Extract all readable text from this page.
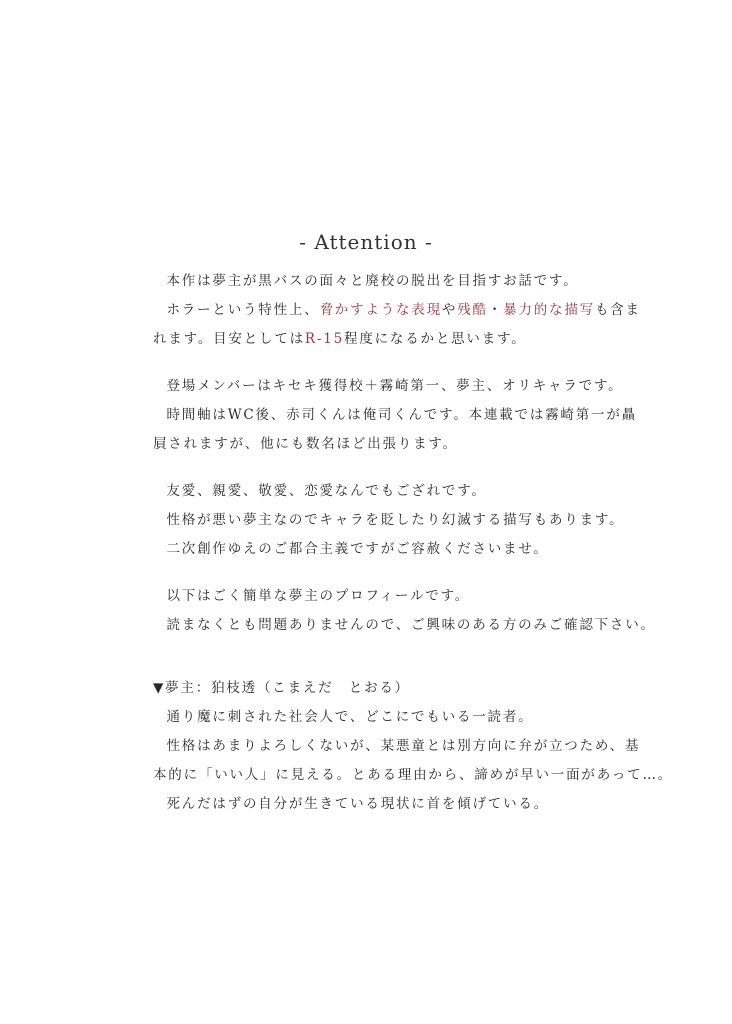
- Attention -
本作は夢主が黒バスの面々と廃校の脱出を目指すお話です。
ホラーという特性上、脅かすような表現や残酷・暴力的な描写も含ま
れます。目安としてはR-15程度になるかと思います。
登場メンバーはキセキ獲得校＋霧崎第一、夢主、オリキャラです。
時間軸はWC後、赤司くんは俺司くんです。本連載では霧崎第一が贔
屓されますが、他にも数名ほど出張ります。
友愛、親愛、敬愛、恋愛なんでもござれです。
性格が悪い夢主なのでキャラを貶したり幻滅する描写もあります。
二次創作ゆえのご都合主義ですがご容赦くださいませ。
以下はごく簡単な夢主のプロフィールです。
読まなくとも問題ありませんので、ご興味のある方のみご確認下さい。
▼夢主：狛枝透（こまえだ　とおる）
通り魔に刺された社会人で、どこにでもいる一読者。
性格はあまりよろしくないが、某悪童とは別方向に弁が立つため、基
本的に「いい人」に見える。とある理由から、諦めが早い一面があって…。
死んだはずの自分が生きている現状に首を傾げている。
